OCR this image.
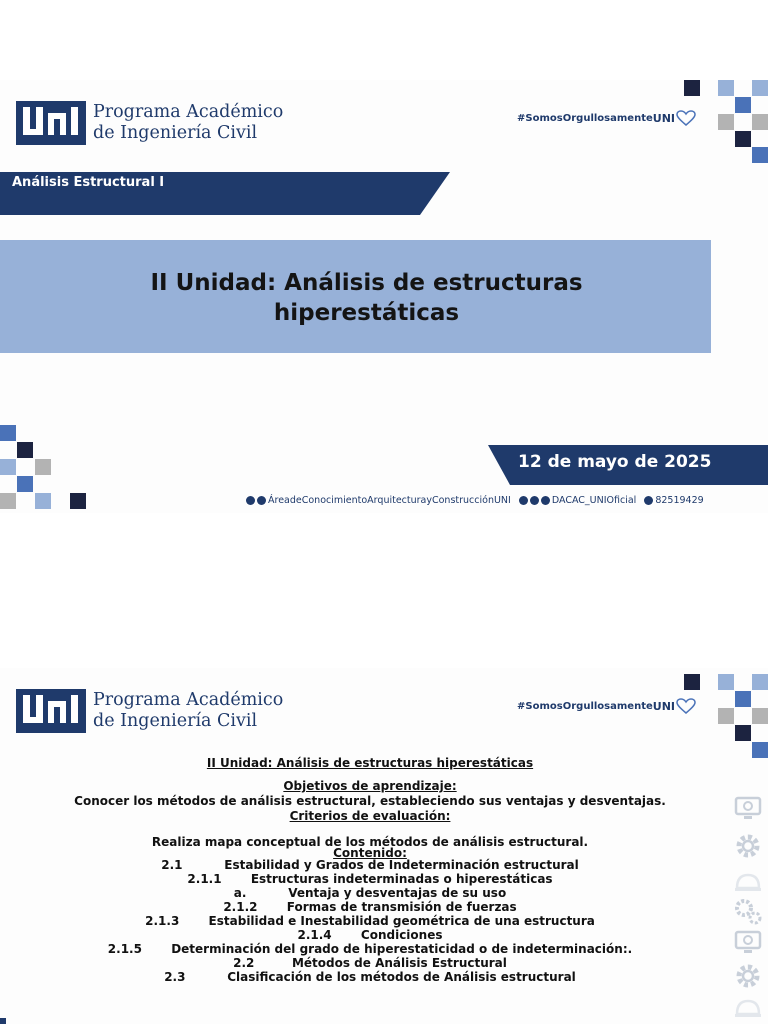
Programa Académico
de Ingeniería Civil
#SomosOrgullosamente UNI
Análisis Estructural I
II Unidad: Análisis de estructuras
hiperestáticas
12 de mayo de 2025
ÁreadeConocimientoArquitecturayConstrucciónUNI	DACAC_UNIOficial 82519429
Programa Académico
de Ingeniería Civil
#SomosOrgullosamente UNI
II Unidad: Análisis de estructuras hiperestáticas
Objetivos de aprendizaje:
Conocer los métodos de análisis estructural, estableciendo sus ventajas y desventajas.
Criterios de evaluación:
Realiza mapa conceptual de los métodos de análisis estructural.
Contenido:
2.1          Estabilidad y Grados de Indeterminación estructural
2.1.1       Estructuras indeterminadas o hiperestáticas
a.          Ventaja y desventajas de su uso
2.1.2       Formas de transmisión de fuerzas
2.1.3       Estabilidad e Inestabilidad geométrica de una estructura
2.1.4       Condiciones
2.1.5       Determinación del grado de hiperestaticidad o de indeterminación:.
2.2         Métodos de Análisis Estructural
2.3          Clasificación de los métodos de Análisis estructural
